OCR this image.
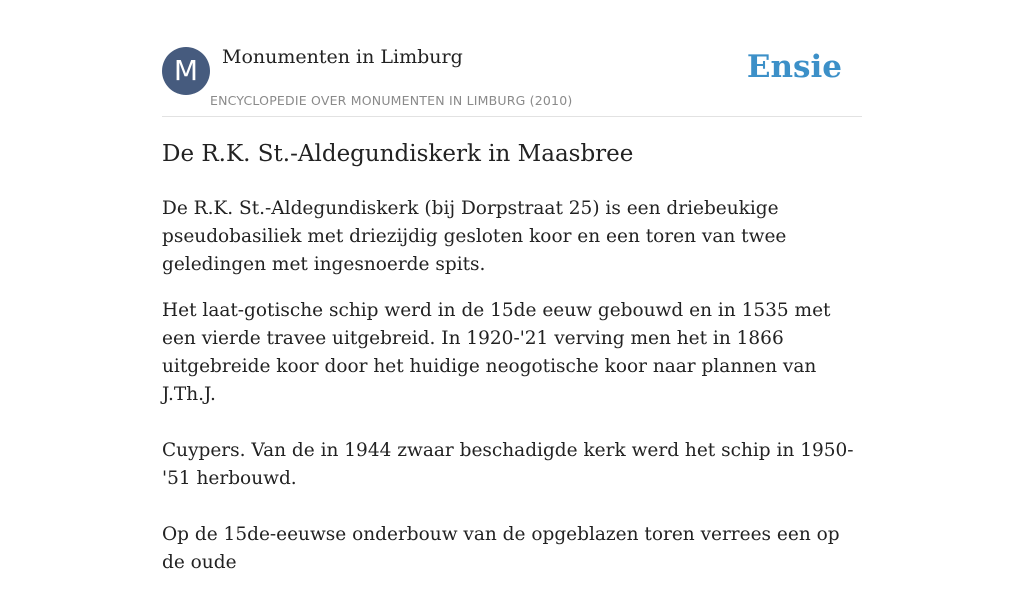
M	Monumenten in Limburg
ENCYCLOPEDIE OVER MONUMENTEN IN LIMBURG (2010)
Ensie
De R.K. St.-Aldegundiskerk in Maasbree

De R.K. St.-Aldegundiskerk (bij Dorpstraat 25) is een driebeukige pseudobasiliek met driezijdig gesloten koor en een toren van twee geledingen met ingesnoerde spits.

Het laat-gotische schip werd in de 15de eeuw gebouwd en in 1535 met een vierde travee uitgebreid. In 1920-'21 verving men het in 1866 uitgebreide koor door het huidige neogotische koor naar plannen van J.Th.J.

Cuypers. Van de in 1944 zwaar beschadigde kerk werd het schip in 1950-'51 herbouwd.

Op de 15de-eeuwse onderbouw van de opgeblazen toren verrees een op de oude
